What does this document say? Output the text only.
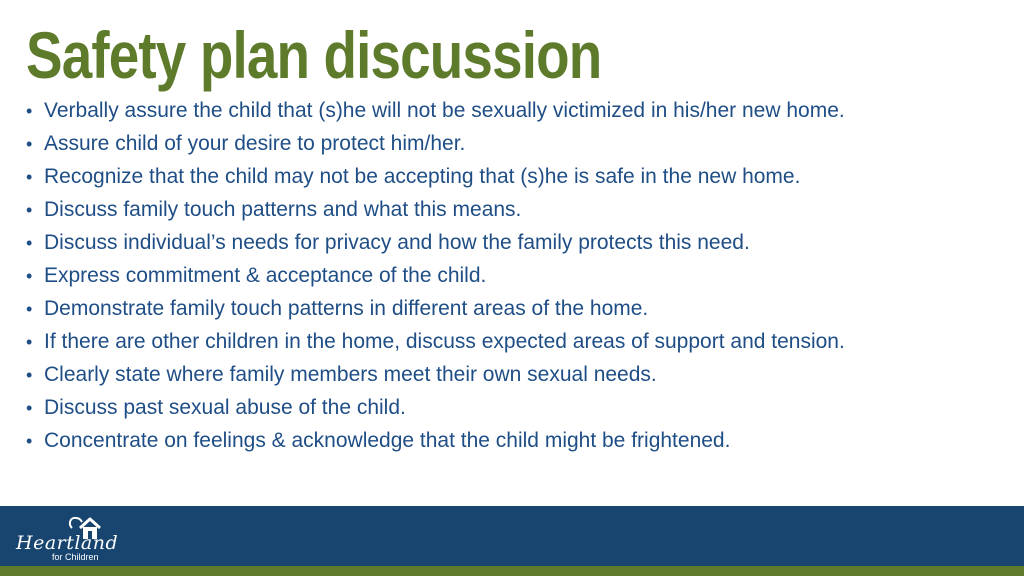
Safety plan discussion
• Verbally assure the child that (s)he will not be sexually victimized in his/her new home.
• Assure child of your desire to protect him/her.
• Recognize that the child may not be accepting that (s)he is safe in the new home.
• Discuss family touch patterns and what this means.
• Discuss individual’s needs for privacy and how the family protects this need.
• Express commitment & acceptance of the child.
• Demonstrate family touch patterns in different areas of the home.
• If there are other children in the home, discuss expected areas of support and tension.
• Clearly state where family members meet their own sexual needs.
• Discuss past sexual abuse of the child.
• Concentrate on feelings & acknowledge that the child might be frightened.
Heartland
for Children
